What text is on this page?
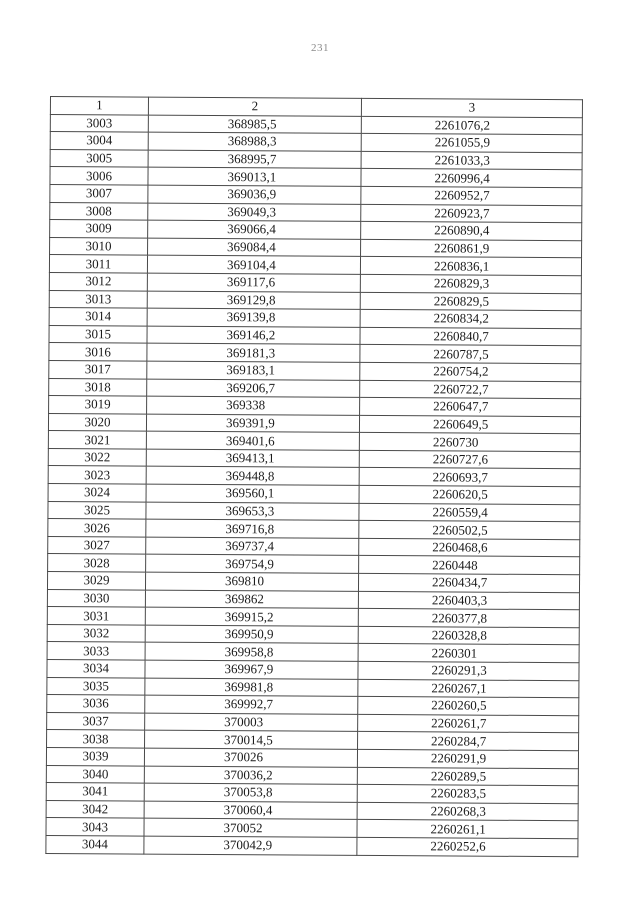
231
1	2	3
3003	368985,5	2261076,2
3004	368988,3	2261055,9
3005	368995,7	2261033,3
3006	369013,1	2260996,4
3007	369036,9	2260952,7
3008	369049,3	2260923,7
3009	369066,4	2260890,4
3010	369084,4	2260861,9
3011	369104,4	2260836,1
3012	369117,6	2260829,3
3013	369129,8	2260829,5
3014	369139,8	2260834,2
3015	369146,2	2260840,7
3016	369181,3	2260787,5
3017	369183,1	2260754,2
3018	369206,7	2260722,7
3019	369338	2260647,7
3020	369391,9	2260649,5
3021	369401,6	2260730
3022	369413,1	2260727,6
3023	369448,8	2260693,7
3024	369560,1	2260620,5
3025	369653,3	2260559,4
3026	369716,8	2260502,5
3027	369737,4	2260468,6
3028	369754,9	2260448
3029	369810	2260434,7
3030	369862	2260403,3
3031	369915,2	2260377,8
3032	369950,9	2260328,8
3033	369958,8	2260301
3034	369967,9	2260291,3
3035	369981,8	2260267,1
3036	369992,7	2260260,5
3037	370003	2260261,7
3038	370014,5	2260284,7
3039	370026	2260291,9
3040	370036,2	2260289,5
3041	370053,8	2260283,5
3042	370060,4	2260268,3
3043	370052	2260261,1
3044	370042,9	2260252,6
